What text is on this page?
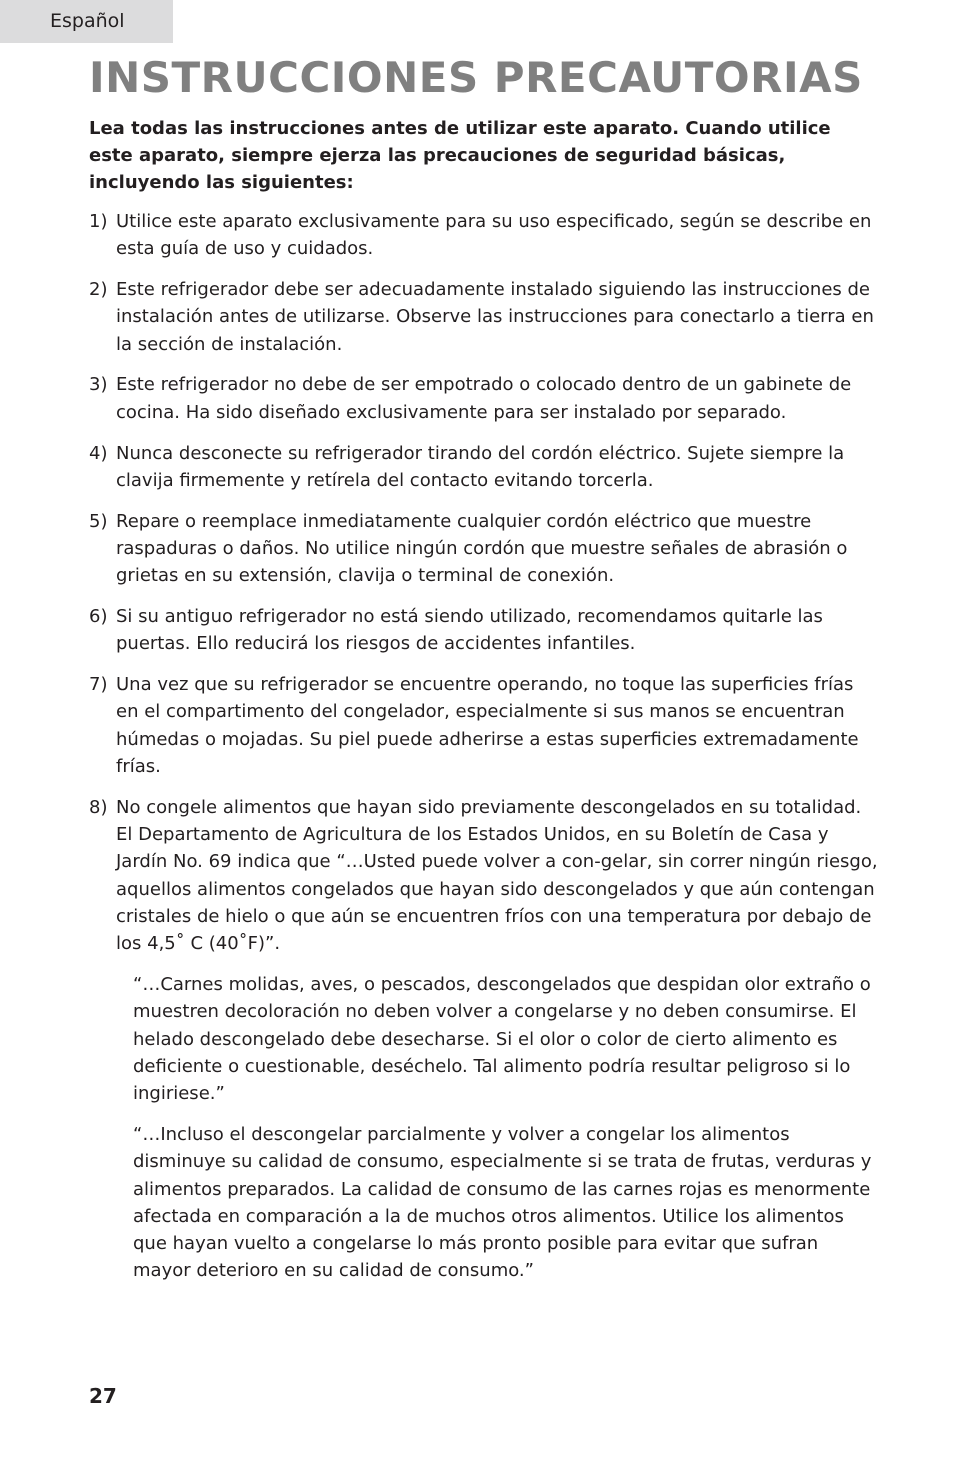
Español
INSTRUCCIONES PRECAUTORIAS

Lea todas las instrucciones antes de utilizar este aparato. Cuando utilice este aparato, siempre ejerza las precauciones de seguridad básicas, incluyendo las siguientes:

1) Utilice este aparato exclusivamente para su uso especificado, según se describe en esta guía de uso y cuidados.
2) Este refrigerador debe ser adecuadamente instalado siguiendo las instrucciones de instalación antes de utilizarse. Observe las instrucciones para conectarlo a tierra en la sección de instalación.
3) Este refrigerador no debe de ser empotrado o colocado dentro de un gabinete de cocina. Ha sido diseñado exclusivamente para ser instalado por separado.
4) Nunca desconecte su refrigerador tirando del cordón eléctrico. Sujete siempre la clavija firmemente y retírela del contacto evitando torcerla.
5) Repare o reemplace inmediatamente cualquier cordón eléctrico que muestre raspaduras o daños. No utilice ningún cordón que muestre señales de abrasión o grietas en su extensión, clavija o terminal de conexión.
6) Si su antiguo refrigerador no está siendo utilizado, recomendamos quitarle las puertas. Ello reducirá los riesgos de accidentes infantiles.
7) Una vez que su refrigerador se encuentre operando, no toque las superficies frías en el compartimento del congelador, especialmente si sus manos se encuentran húmedas o mojadas. Su piel puede adherirse a estas superficies extremadamente frías.
8) No congele alimentos que hayan sido previamente descongelados en su totalidad. El Departamento de Agricultura de los Estados Unidos, en su Boletín de Casa y Jardín No. 69 indica que “…Usted puede volver a con-gelar, sin correr ningún riesgo, aquellos alimentos congelados que hayan sido descongelados y que aún contengan cristales de hielo o que aún se encuentren fríos con una temperatura por debajo de los 4,5˚ C (40˚F)”.

“…Carnes molidas, aves, o pescados, descongelados que despidan olor extraño o muestren decoloración no deben volver a congelarse y no deben consumirse. El helado descongelado debe desecharse. Si el olor o color de cierto alimento es deficiente o cuestionable, deséchelo. Tal alimento podría resultar peligroso si lo ingiriese.”

“…Incluso el descongelar parcialmente y volver a congelar los alimentos disminuye su calidad de consumo, especialmente si se trata de frutas, verduras y alimentos preparados. La calidad de consumo de las carnes rojas es menormente afectada en comparación a la de muchos otros alimentos. Utilice los alimentos que hayan vuelto a congelarse lo más pronto posible para evitar que sufran mayor deterioro en su calidad de consumo.”

27
